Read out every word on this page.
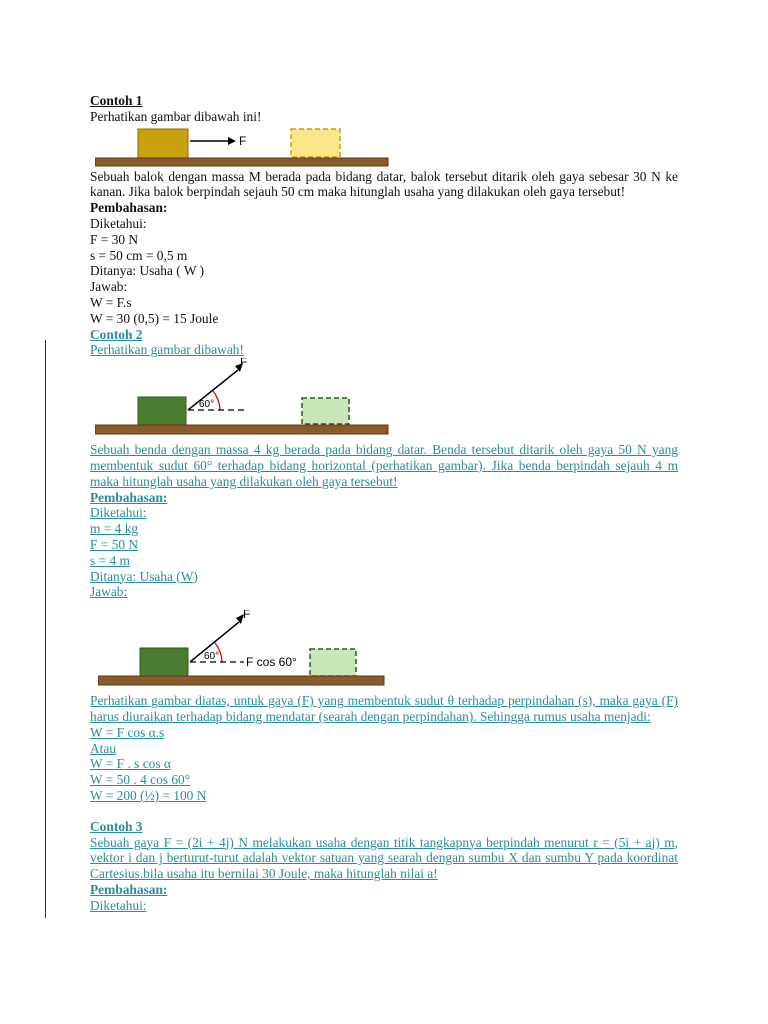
Contoh 1

Perhatikan gambar dibawah ini!

F

Sebuah balok dengan massa M berada pada bidang datar, balok tersebut ditarik oleh gaya sebesar 30 N ke kanan. Jika balok berpindah sejauh 50 cm maka hitunglah usaha yang dilakukan oleh gaya tersebut!

Pembahasan:

Diketahui:

F = 30 N

s = 50 cm = 0,5 m

Ditanya: Usaha ( W )

Jawab:

W = F.s

W = 30 (0,5) = 15 Joule

Contoh 2

Perhatikan gambar dibawah!

F
60°

Sebuah benda dengan massa 4 kg berada pada bidang datar. Benda tersebut ditarik oleh gaya 50 N yang membentuk sudut 60° terhadap bidang horizontal (perhatikan gambar). Jika benda berpindah sejauh 4 m maka hitunglah usaha yang dilakukan oleh gaya tersebut!

Pembahasan:

Diketahui:

m = 4 kg

F = 50 N

s = 4 m

Ditanya: Usaha (W)

Jawab:

F
60° F cos 60°

Perhatikan gambar diatas, untuk gaya (F) yang membentuk sudut θ terhadap perpindahan (s), maka gaya (F) harus diuraikan terhadap bidang mendatar (searah dengan perpindahan). Sehingga rumus usaha menjadi:

W = F cos α.s

Atau

W = F . s cos α

W = 50 . 4 cos 60°

W = 200 (½) = 100 N

Contoh 3

Sebuah gaya F = (2i + 4j) N melakukan usaha dengan titik tangkapnya berpindah menurut r = (5i + aj) m, vektor i dan j berturut-turut adalah vektor satuan yang searah dengan sumbu X dan sumbu Y pada koordinat Cartesius.bila usaha itu bernilai 30 Joule, maka hitunglah nilai a!

Pembahasan:

Diketahui:
